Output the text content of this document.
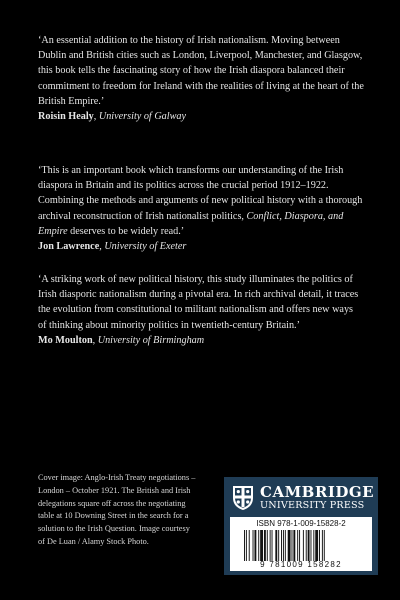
‘An essential addition to the history of Irish nationalism. Moving between Dublin and British cities such as London, Liverpool, Manchester, and Glasgow, this book tells the fascinating story of how the Irish diaspora balanced their commitment to freedom for Ireland with the realities of living at the heart of the British Empire.’

Roisin Healy, University of Galway

‘This is an important book which transforms our understanding of the Irish diaspora in Britain and its politics across the crucial period 1912–1922. Combining the methods and arguments of new political history with a thorough archival reconstruction of Irish nationalist politics, Conflict, Diaspora, and Empire deserves to be widely read.’

Jon Lawrence, University of Exeter

‘A striking work of new political history, this study illuminates the politics of Irish diasporic nationalism during a pivotal era. In rich archival detail, it traces the evolution from constitutional to militant nationalism and offers new ways of thinking about minority politics in twentieth-century Britain.’

Mo Moulton, University of Birmingham

Cover image: Anglo-Irish Treaty negotiations – London – October 1921. The British and Irish delegations square off across the negotiating table at 10 Downing Street in the search for a solution to the Irish Question. Image courtesy of De Luan / Alamy Stock Photo.
CAMBRIDGE
UNIVERSITY PRESS
ISBN 978-1-009-15828-2
9 781009 158282
